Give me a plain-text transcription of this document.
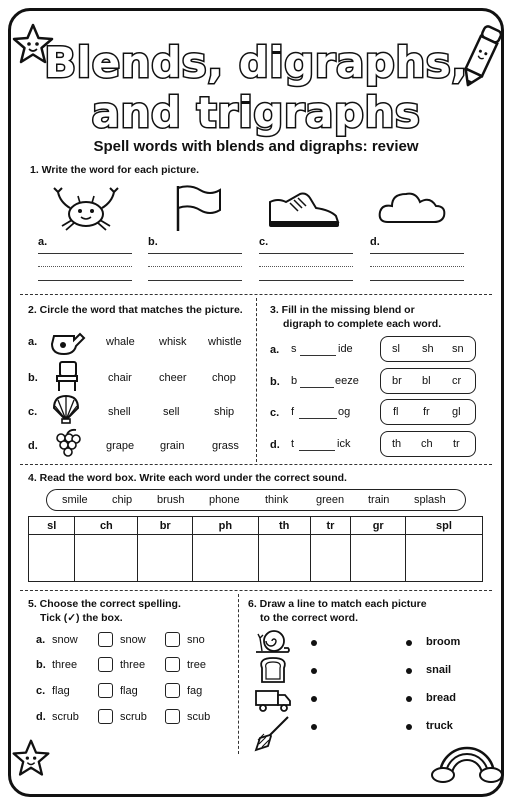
Blends, digraphs,
and trigraphs
Spell words with blends and digraphs: review
1. Write the word for each picture.
a.	b.	c.	d.
2. Circle the word that matches the picture.
a.	whale whisk whistle
b.	chair cheer chop
c.	shell	sell	ship
d.	grape grain	grass
3. Fill in the missing blend or
digraph to complete each word.
a. s	ide	sl sh sn
b. b	eeze	br bl cr
c. f	og	fl fr gl
d. t	ick	th ch tr
4. Read the word box. Write each word under the correct sound.
smile chip brush phone think	green train splash
sl	ch	br	ph	th	tr	gr	spl

5. Choose the correct spelling.
Tick (✓) the box.
a. snow	snow	sno
b. three	three	tree
c. flag	flag	fag
d. scrub	scrub	scub
6. Draw a line to match each picture
to the correct word.
broom
snail
bread
truck
